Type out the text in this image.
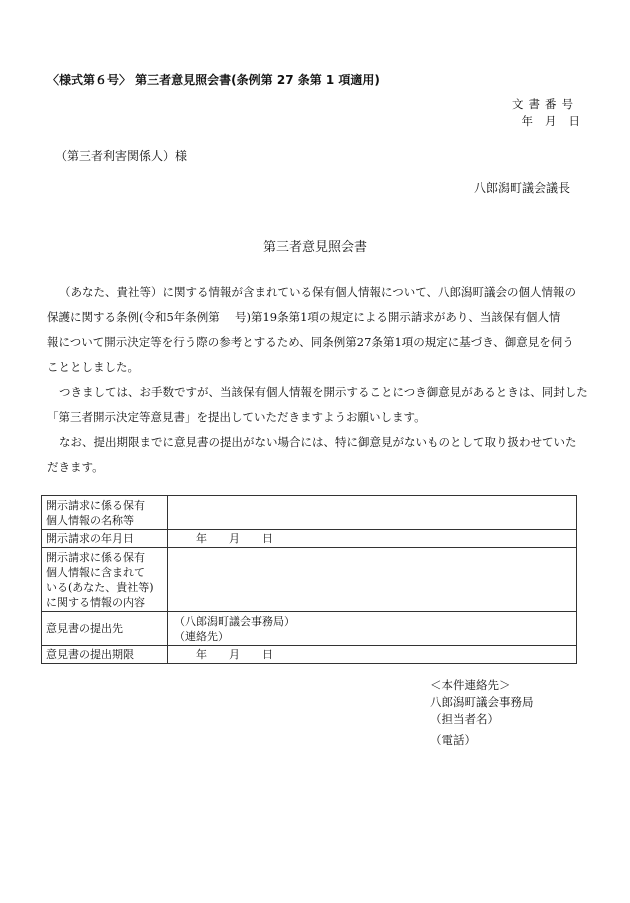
〈様式第６号〉 第三者意見照会書(条例第 27 条第 1 項適用)
文書番号
年 月 日
（第三者利害関係人）様
八郎潟町議会議長
第三者意見照会書

（あなた、貴社等）に関する情報が含まれている保有個人情報について、八郎潟町議会の個人情報の
保護に関する条例(令和5年条例第　 号)第19条第1項の規定による開示請求があり、当該保有個人情
報について開示決定等を行う際の参考とするため、同条例第27条第1項の規定に基づき、御意見を伺う
こととしました。

つきましては、お手数ですが、当該保有個人情報を開示することにつき御意見があるときは、同封した
「第三者開示決定等意見書」を提出していただきますようお願いします。

なお、提出期限までに意見書の提出がない場合には、特に御意見がないものとして取り扱わせていた
だきます。

開示請求に係る保有
個人情報の名称等	

開示請求の年月日	年 月 日

開示請求に係る保有
個人情報に含まれて
いる(あなた、貴社等)
に関する情報の内容	

意見書の提出先	（八郎潟町議会事務局）
（連絡先）

意見書の提出期限	年 月 日
＜本件連絡先＞
八郎潟町議会事務局
（担当者名）
（電話）
